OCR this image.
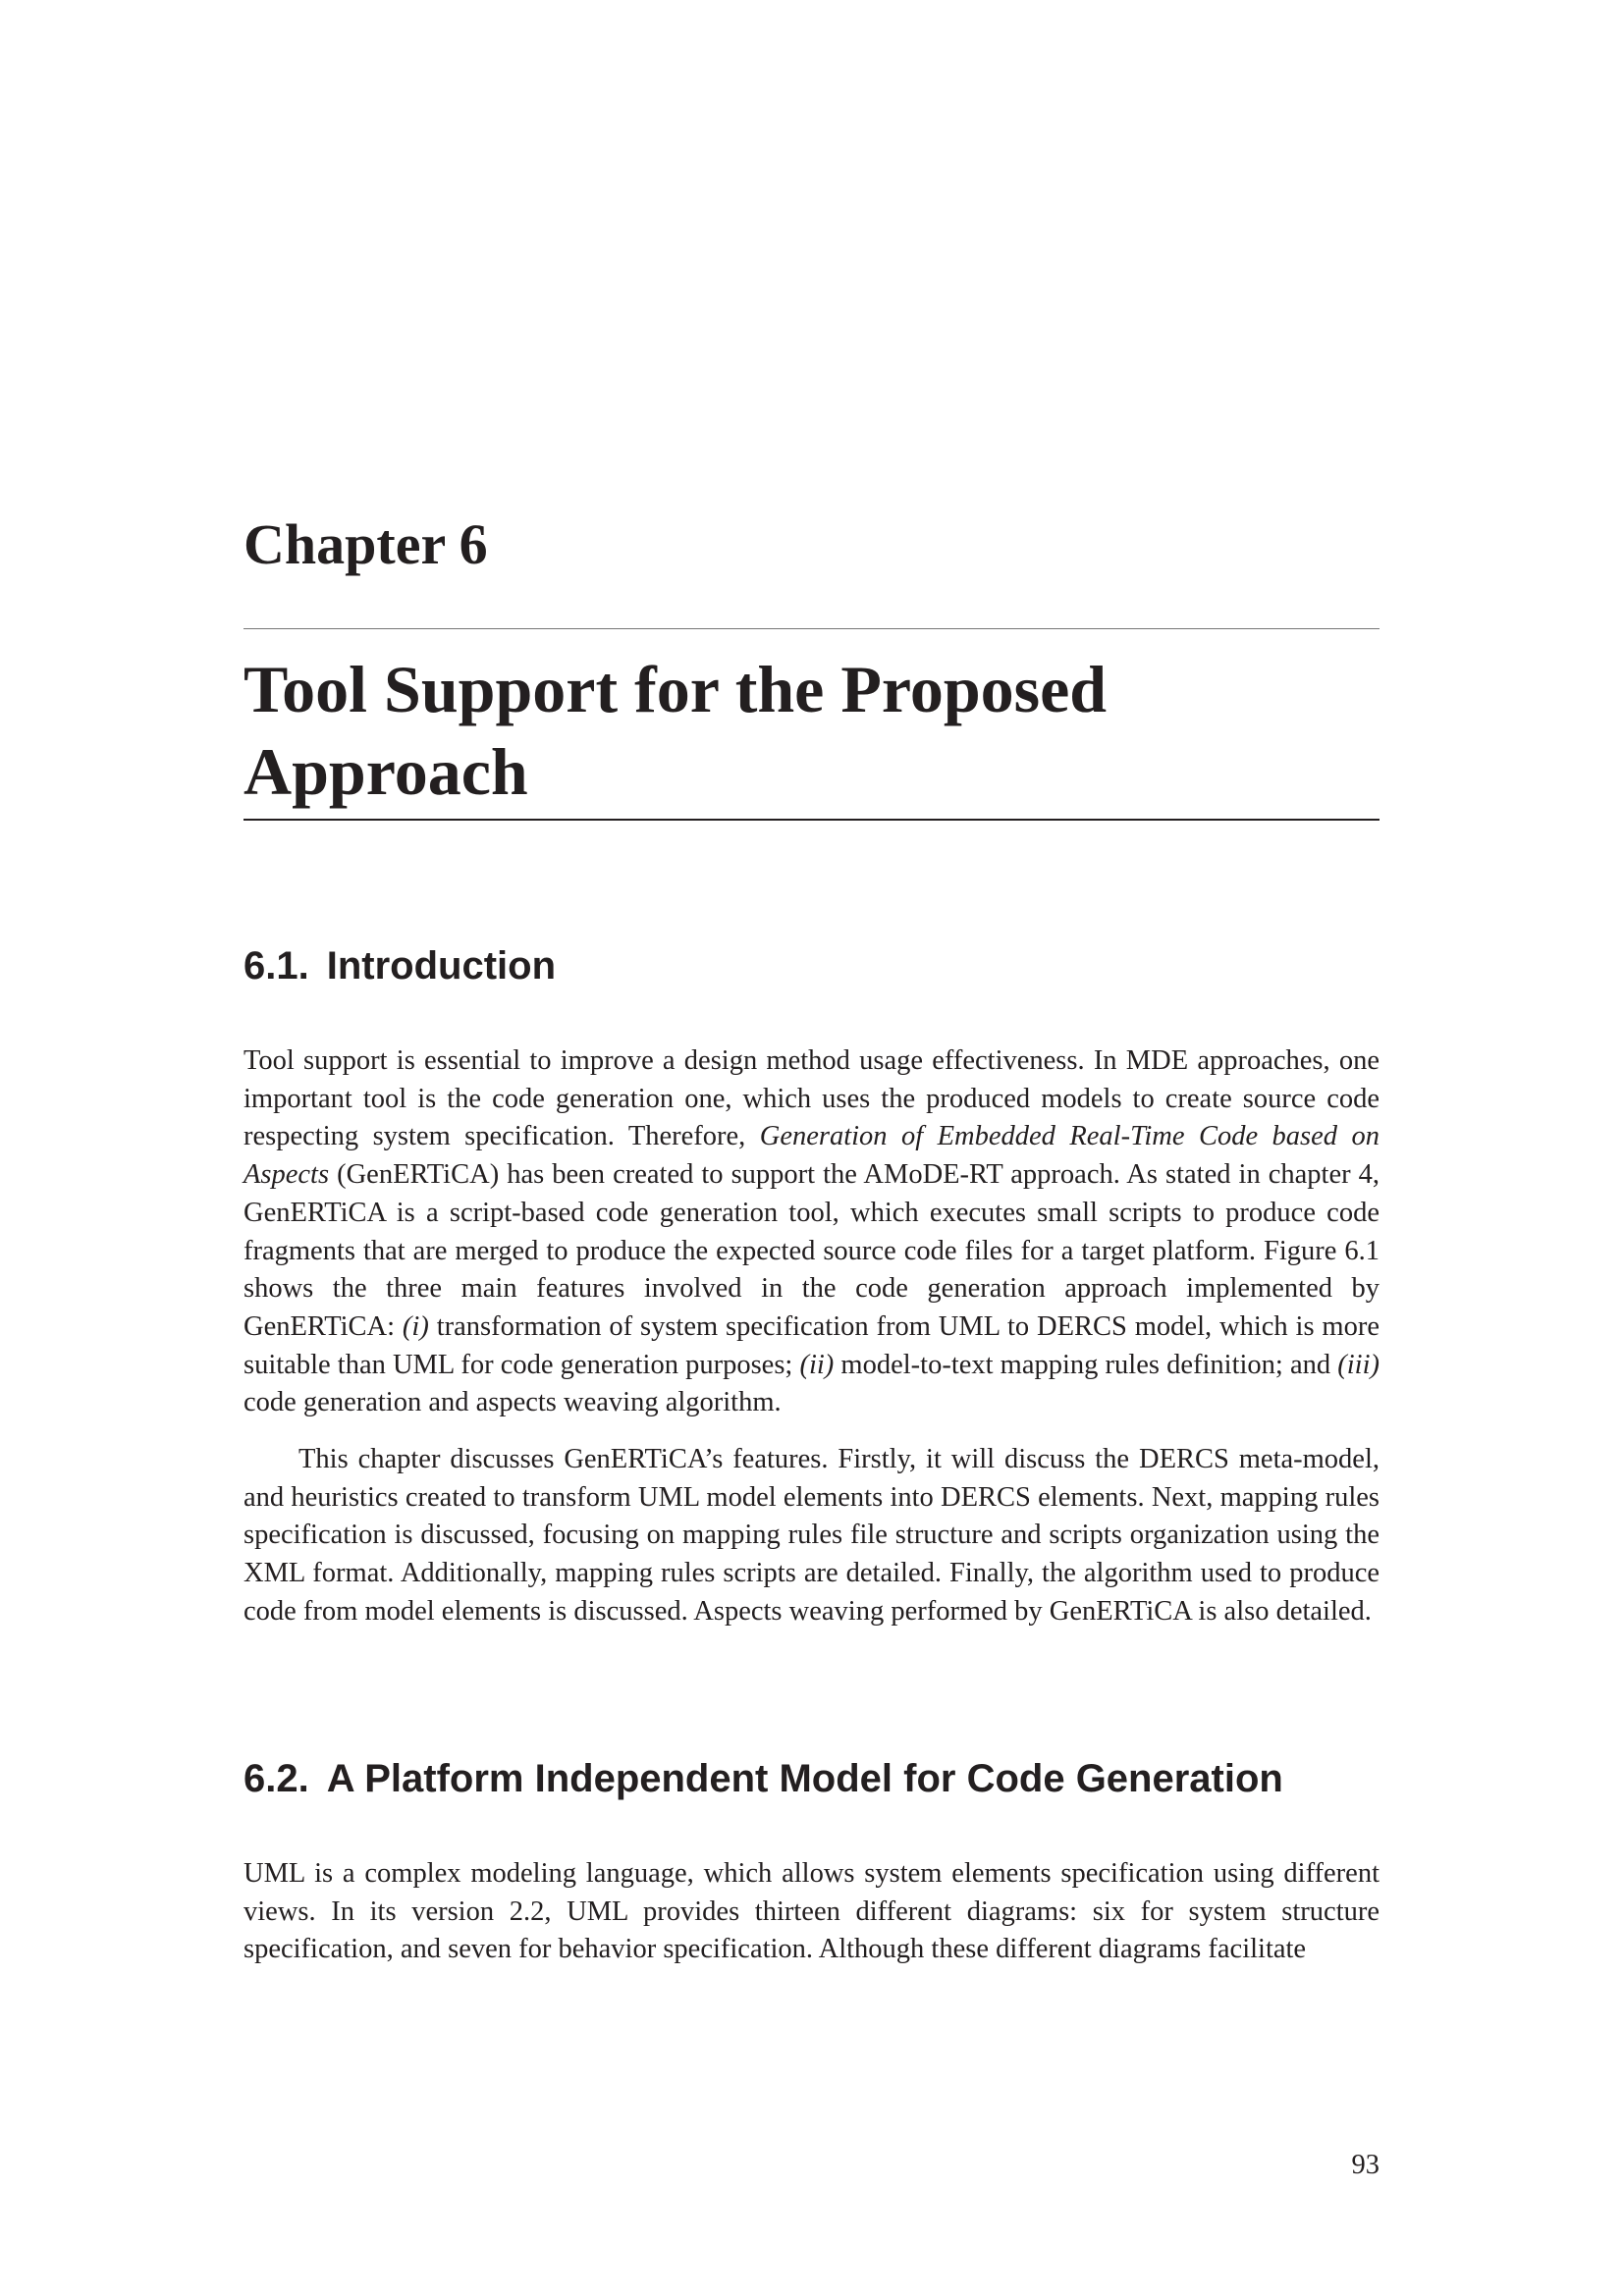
Chapter 6
Tool Support for the Proposed Approach
6.1. Introduction

Tool support is essential to improve a design method usage effectiveness. In MDE approaches, one important tool is the code generation one, which uses the produced models to create source code respecting system specification. Therefore, Generation of Embedded Real-Time Code based on Aspects (GenERTiCA) has been created to support the AMoDE-RT approach. As stated in chapter 4, GenERTiCA is a script-based code generation tool, which executes small scripts to produce code fragments that are merged to produce the expected source code files for a target platform. Figure 6.1 shows the three main features involved in the code generation approach implemented by GenERTiCA: (i) transformation of system specification from UML to DERCS model, which is more suitable than UML for code generation purposes; (ii) model-to-text mapping rules definition; and (iii) code generation and aspects weaving algorithm.

This chapter discusses GenERTiCA’s features. Firstly, it will discuss the DERCS meta-model, and heuristics created to transform UML model elements into DERCS elements. Next, mapping rules specification is discussed, focusing on mapping rules file structure and scripts organization using the XML format. Additionally, mapping rules scripts are detailed. Finally, the algorithm used to produce code from model elements is discussed. Aspects weaving performed by GenERTiCA is also detailed.

6.2. A Platform Independent Model for Code Generation

UML is a complex modeling language, which allows system elements specification using different views. In its version 2.2, UML provides thirteen different diagrams: six for system structure specification, and seven for behavior specification. Although these different diagrams facilitate

93
